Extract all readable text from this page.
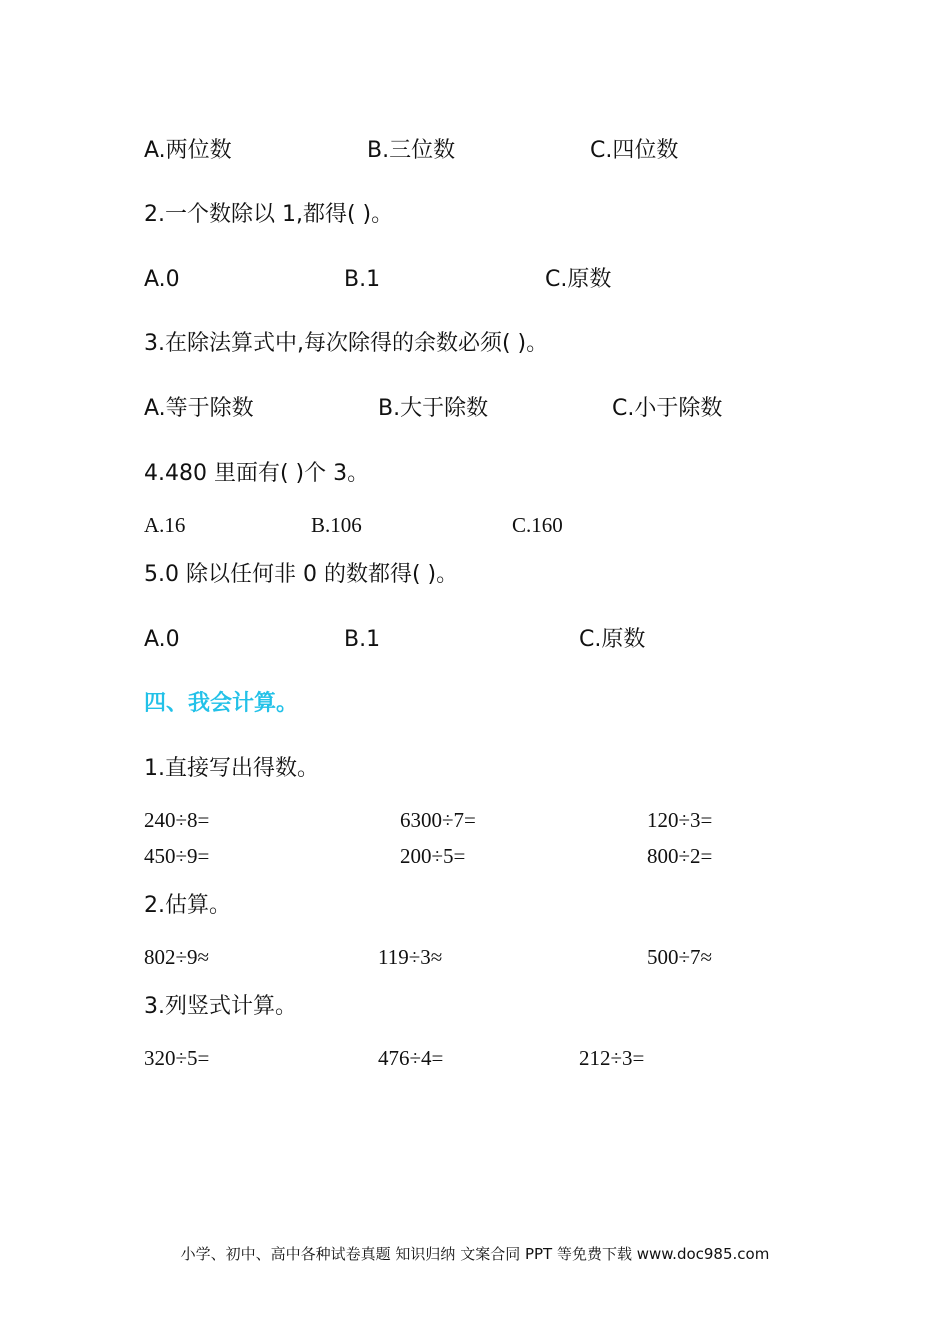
A.两位数	B.三位数	C.四位数
2.一个数除以 1,都得( )。
A.0	B.1	C.原数
3.在除法算式中,每次除得的余数必须( )。
A.等于除数	B.大于除数	C.小于除数
4.480 里面有( )个 3。
A.16	B.106	C.160
5.0 除以任何非 0 的数都得( )。
A.0	B.1	C.原数
四、我会计算。
1.直接写出得数。
240÷8=	6300÷7=	120÷3=
450÷9=	200÷5=	800÷2=
2.估算。
802÷9≈	119÷3≈	500÷7≈
3.列竖式计算。
320÷5=	476÷4=	212÷3=
小学、初中、高中各种试卷真题 知识归纳 文案合同 PPT 等免费下载 www.doc985.com
